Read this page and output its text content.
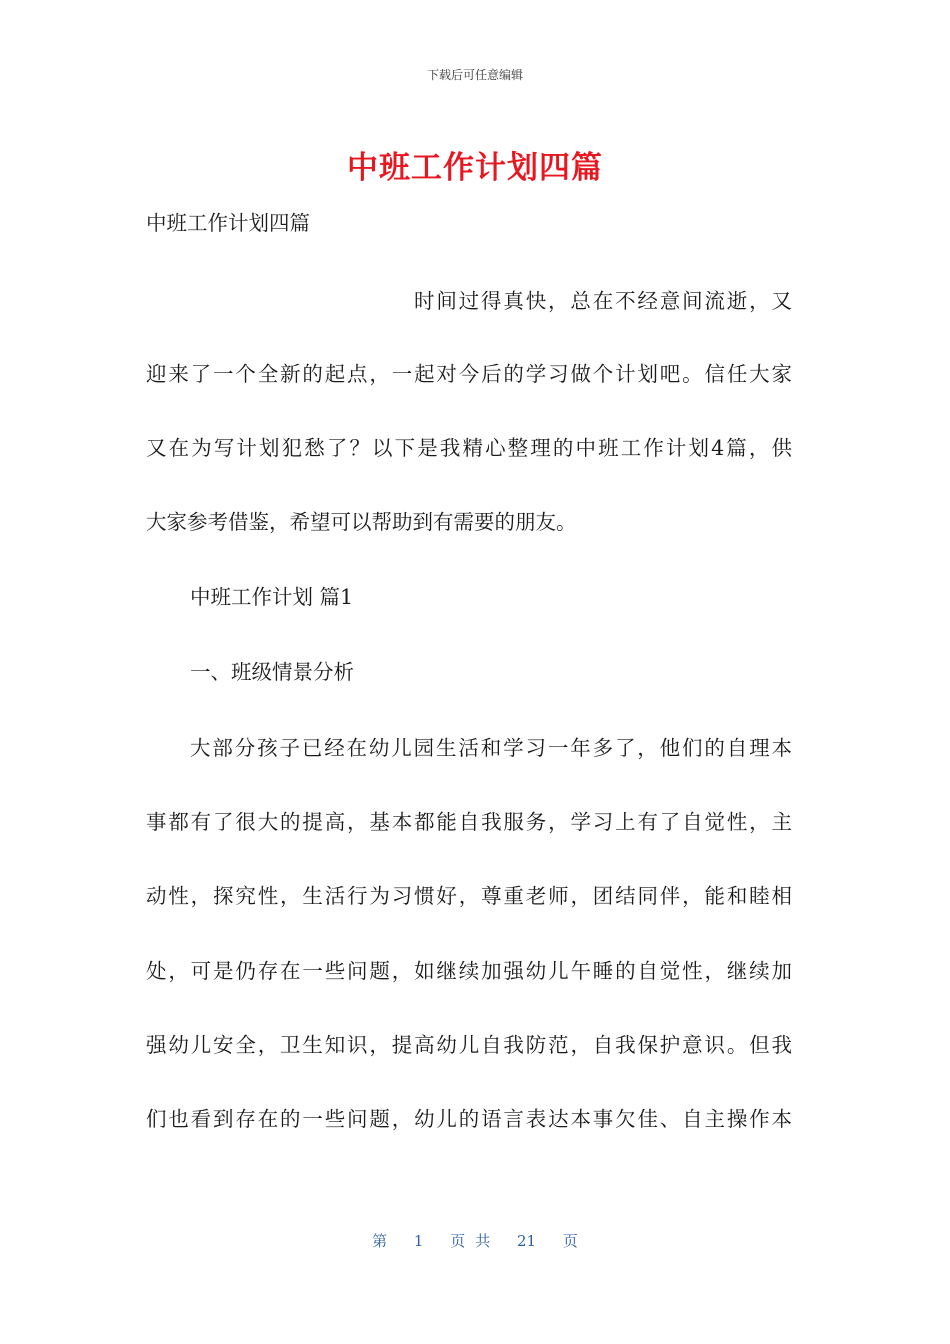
下载后可任意编辑
中班工作计划四篇
中班工作计划四篇
时间过得真快，总在不经意间流逝，又
迎来了一个全新的起点，一起对今后的学习做个计划吧。信任大家
又在为写计划犯愁了？以下是我精心整理的中班工作计划4篇，供
大家参考借鉴，希望可以帮助到有需要的朋友。
中班工作计划 篇1
一、班级情景分析
大部分孩子已经在幼儿园生活和学习一年多了，他们的自理本
事都有了很大的提高，基本都能自我服务，学习上有了自觉性，主
动性，探究性，生活行为习惯好，尊重老师，团结同伴，能和睦相
处，可是仍存在一些问题，如继续加强幼儿午睡的自觉性，继续加
强幼儿安全，卫生知识，提高幼儿自我防范，自我保护意识。但我
们也看到存在的一些问题，幼儿的语言表达本事欠佳、自主操作本
第 1 页共 21 页
